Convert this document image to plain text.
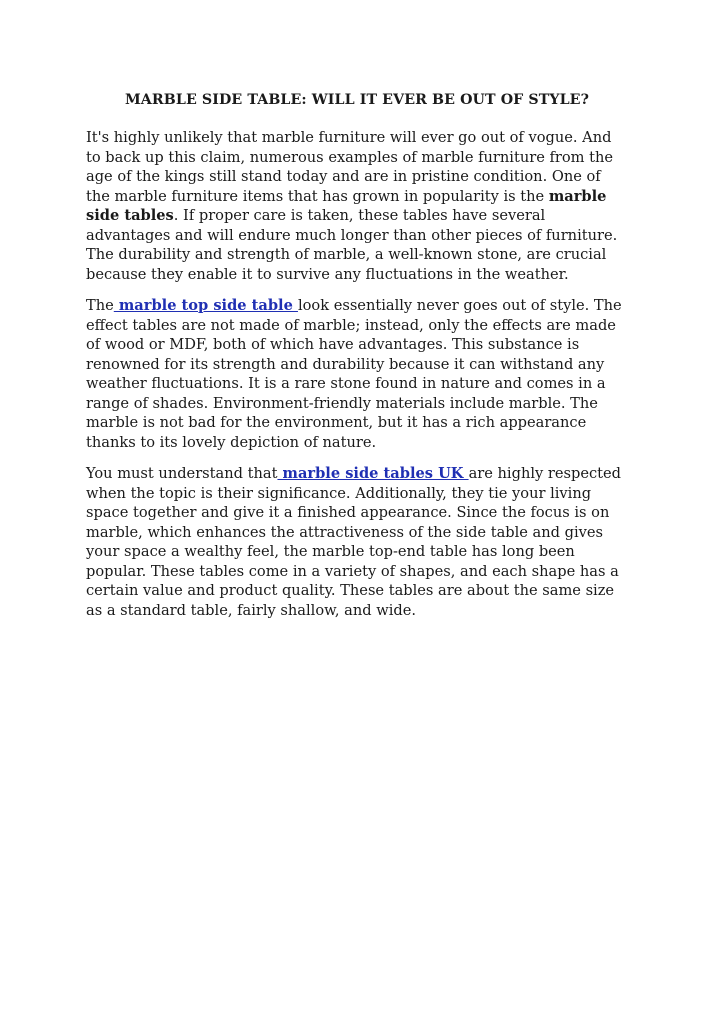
MARBLE SIDE TABLE: WILL IT EVER BE OUT OF STYLE?

It's highly unlikely that marble furniture will ever go out of vogue. And to back up this claim, numerous examples of marble furniture from the age of the kings still stand today and are in pristine condition. One of the marble furniture items that has grown in popularity is the marble side tables. If proper care is taken, these tables have several advantages and will endure much longer than other pieces of furniture. The durability and strength of marble, a well-known stone, are crucial because they enable it to survive any fluctuations in the weather.

The marble top side table look essentially never goes out of style. The effect tables are not made of marble; instead, only the effects are made of wood or MDF, both of which have advantages. This substance is renowned for its strength and durability because it can withstand any weather fluctuations. It is a rare stone found in nature and comes in a range of shades. Environment-friendly materials include marble. The marble is not bad for the environment, but it has a rich appearance thanks to its lovely depiction of nature.

You must understand that marble side tables UK are highly respected when the topic is their significance. Additionally, they tie your living space together and give it a finished appearance. Since the focus is on marble, which enhances the attractiveness of the side table and gives your space a wealthy feel, the marble top-end table has long been popular. These tables come in a variety of shapes, and each shape has a certain value and product quality. These tables are about the same size as a standard table, fairly shallow, and wide.
